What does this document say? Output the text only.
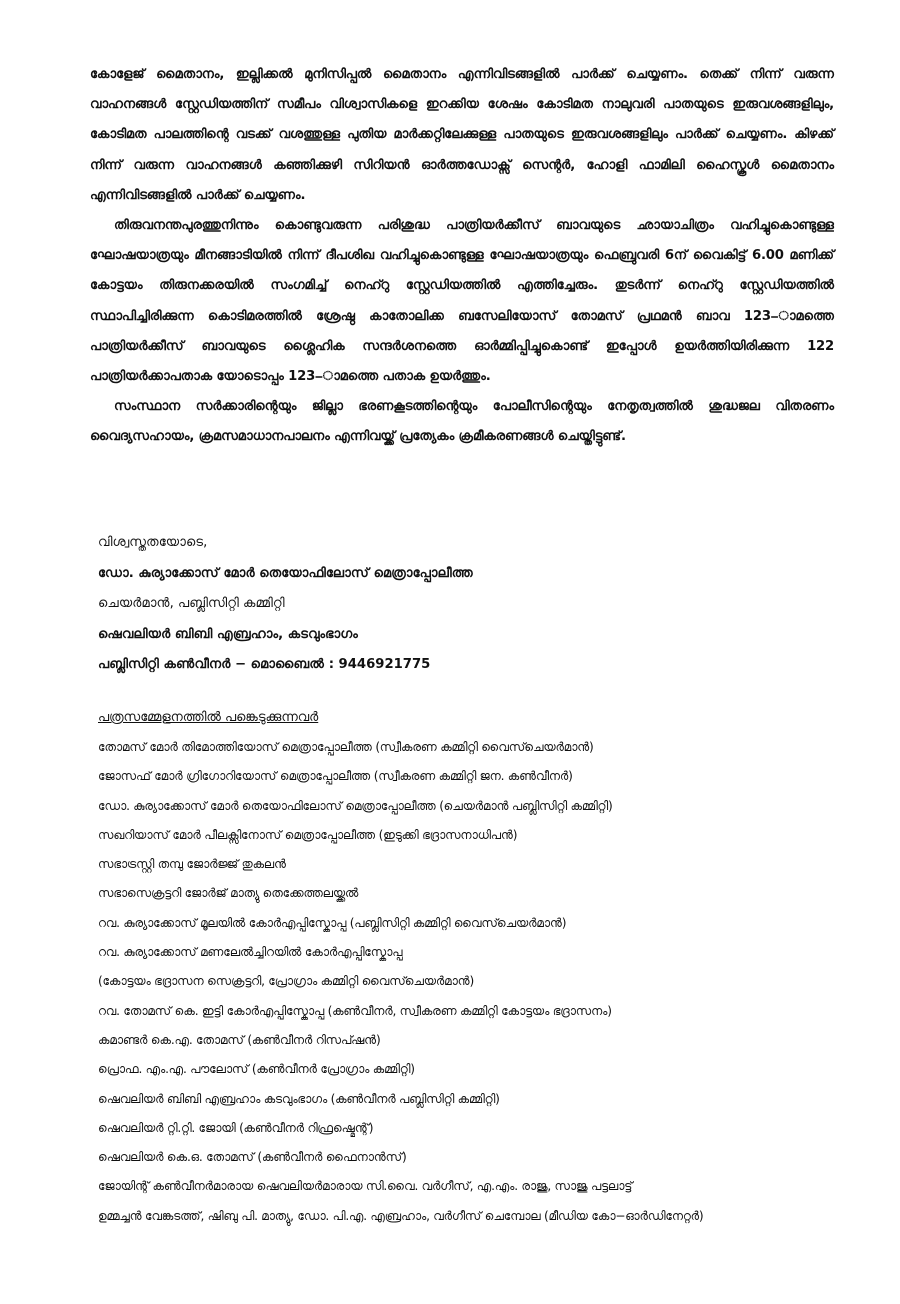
കോളേജ് മൈതാനം, ഇല്ലിക്കൽ മുനിസിപ്പൽ മൈതാനം എന്നിവിടങ്ങളിൽ പാർക്ക് ചെയ്യണം. തെക്ക് നിന്ന് വരുന്ന വാഹനങ്ങൾ സ്റ്റേഡിയത്തിന് സമീപം വിശ്വാസികളെ ഇറക്കിയ ശേഷം കോടിമത നാലുവരി പാതയുടെ ഇരുവശങ്ങളിലും, കോടിമത പാലത്തിന്റെ വടക്ക് വശത്തുള്ള പുതിയ മാർക്കറ്റിലേക്കുള്ള പാതയുടെ ഇരുവശങ്ങളിലും പാർക്ക് ചെയ്യണം. കിഴക്ക് നിന്ന് വരുന്ന വാഹനങ്ങൾ കഞ്ഞിക്കുഴി സിറിയൻ ഓർത്തഡോക്സ് സെന്റർ, ഹോളി ഫാമിലി ഹൈസ്കൂൾ മൈതാനം എന്നിവിടങ്ങളിൽ പാർക്ക് ചെയ്യണം.

തിരുവനന്തപുരത്തുനിന്നും കൊണ്ടുവരുന്ന പരിശുദ്ധ പാത്രിയർക്കീസ് ബാവയുടെ ഛായാചിത്രം വഹിച്ചുകൊണ്ടുള്ള ഘോഷയാത്രയും മീനങ്ങാടിയിൽ നിന്ന് ദീപശിഖ വഹിച്ചുകൊണ്ടുള്ള ഘോഷയാത്രയും ഫെബ്രുവരി 6ന് വൈകിട്ട് 6.00 മണിക്ക് കോട്ടയം തിരുനക്കരയിൽ സംഗമിച്ച് നെഹ്റു സ്റ്റേഡിയത്തിൽ എത്തിച്ചേരും. തുടർന്ന് നെഹ്റു സ്റ്റേഡിയത്തിൽ സ്ഥാപിച്ചിരിക്കുന്ന കൊടിമരത്തിൽ ശ്രേഷ്ഠ കാതോലിക്ക ബസേലിയോസ് തോമസ് പ്രഥമൻ ബാവ 123−ാമത്തെ പാത്രിയർക്കീസ് ബാവയുടെ ശ്ലൈഹിക സന്ദർശനത്തെ ഓർമ്മിപ്പിച്ചുകൊണ്ട് ഇപ്പോൾ ഉയർത്തിയിരിക്കുന്ന 122 പാത്രിയർക്കാപതാക യോടൊപ്പം 123−ാമത്തെ പതാക ഉയർത്തും.

സംസ്ഥാന സർക്കാരിന്റെയും ജില്ലാ ഭരണകൂടത്തിന്റെയും പോലീസിന്റെയും നേതൃത്വത്തിൽ ശുദ്ധജല വിതരണം വൈദ്യസഹായം, ക്രമസമാധാനപാലനം എന്നിവയ്ക്ക് പ്രത്യേകം ക്രമീകരണങ്ങൾ ചെയ്തിട്ടുണ്ട്.

വിശ്വസ്തതയോടെ,
ഡോ. കുര്യാക്കോസ് മോർ തെയോഫിലോസ് മെത്രാപ്പോലീത്ത
ചെയർമാൻ, പബ്ലിസിറ്റി കമ്മിറ്റി
ഷെവലിയർ ബിബി എബ്രഹാം, കടവുംഭാഗം
പബ്ലിസിറ്റി കൺവീനർ − മൊബൈൽ : 9446921775
പത്രസമ്മേളനത്തിൽ പങ്കെടുക്കുന്നവർ
തോമസ് മോർ തിമോത്തിയോസ് മെത്രാപ്പോലീത്ത (സ്വീകരണ കമ്മിറ്റി വൈസ്ചെയർമാൻ)
ജോസഫ് മോർ ഗ്രിഗോറിയോസ് മെത്രാപ്പോലീത്ത (സ്വീകരണ കമ്മിറ്റി ജന. കൺവീനർ)
ഡോ. കുര്യാക്കോസ് മോർ തെയോഫിലോസ് മെത്രാപ്പോലീത്ത (ചെയർമാൻ പബ്ലിസിറ്റി കമ്മിറ്റി)
സഖറിയാസ് മോർ പീലക്സിനോസ് മെത്രാപ്പോലീത്ത (ഇടുക്കി ഭദ്രാസനാധിപൻ)
സഭാട്രസ്റ്റി തമ്പു ജോർജ്ജ് തുകലൻ
സഭാസെക്രട്ടറി ജോർജ് മാത്യു തെക്കേത്തലയ്ക്കൽ
റവ. കുര്യാക്കോസ് മൂലയിൽ കോർഎപ്പിസ്കോപ്പ (പബ്ലിസിറ്റി കമ്മിറ്റി വൈസ്ചെയർമാൻ)
റവ. കുര്യാക്കോസ് മണലേൽച്ചിറയിൽ കോർഎപ്പിസ്കോപ്പ
(കോട്ടയം ഭദ്രാസന സെക്രട്ടറി, പ്രോഗ്രാം കമ്മിറ്റി വൈസ്ചെയർമാൻ)
റവ. തോമസ് കെ. ഇട്ടി കോർഎപ്പിസ്കോപ്പ (കൺവീനർ, സ്വീകരണ കമ്മിറ്റി കോട്ടയം ഭദ്രാസനം)
കമാണ്ടർ കെ.എ. തോമസ് (കൺവീനർ റിസപ്ഷൻ)
പ്രൊഫ. എം.എ. പൗലോസ് (കൺവീനർ പ്രോഗ്രാം കമ്മിറ്റി)
ഷെവലിയർ ബിബി എബ്രഹാം കടവുംഭാഗം (കൺവീനർ പബ്ലിസിറ്റി കമ്മിറ്റി)
ഷെവലിയർ റ്റി.റ്റി. ജോയി (കൺവീനർ റിഫ്രഷ്മെന്റ്)
ഷെവലിയർ കെ.ഒ. തോമസ് (കൺവീനർ ഫൈനാൻസ്)
ജോയിന്റ് കൺവീനർമാരായ ഷെവലിയർമാരായ സി.വൈ. വർഗീസ്, എ.എം. രാജു, സാജു പട്ടലാട്ട്
ഉമ്മച്ചൻ വേങ്കടത്ത്, ഷിബു പി. മാത്യു, ഡോ. പി.എ. എബ്രഹാം, വർഗീസ് ചെമ്പോല (മീഡിയ കോ−ഓർഡിനേറ്റർ)
